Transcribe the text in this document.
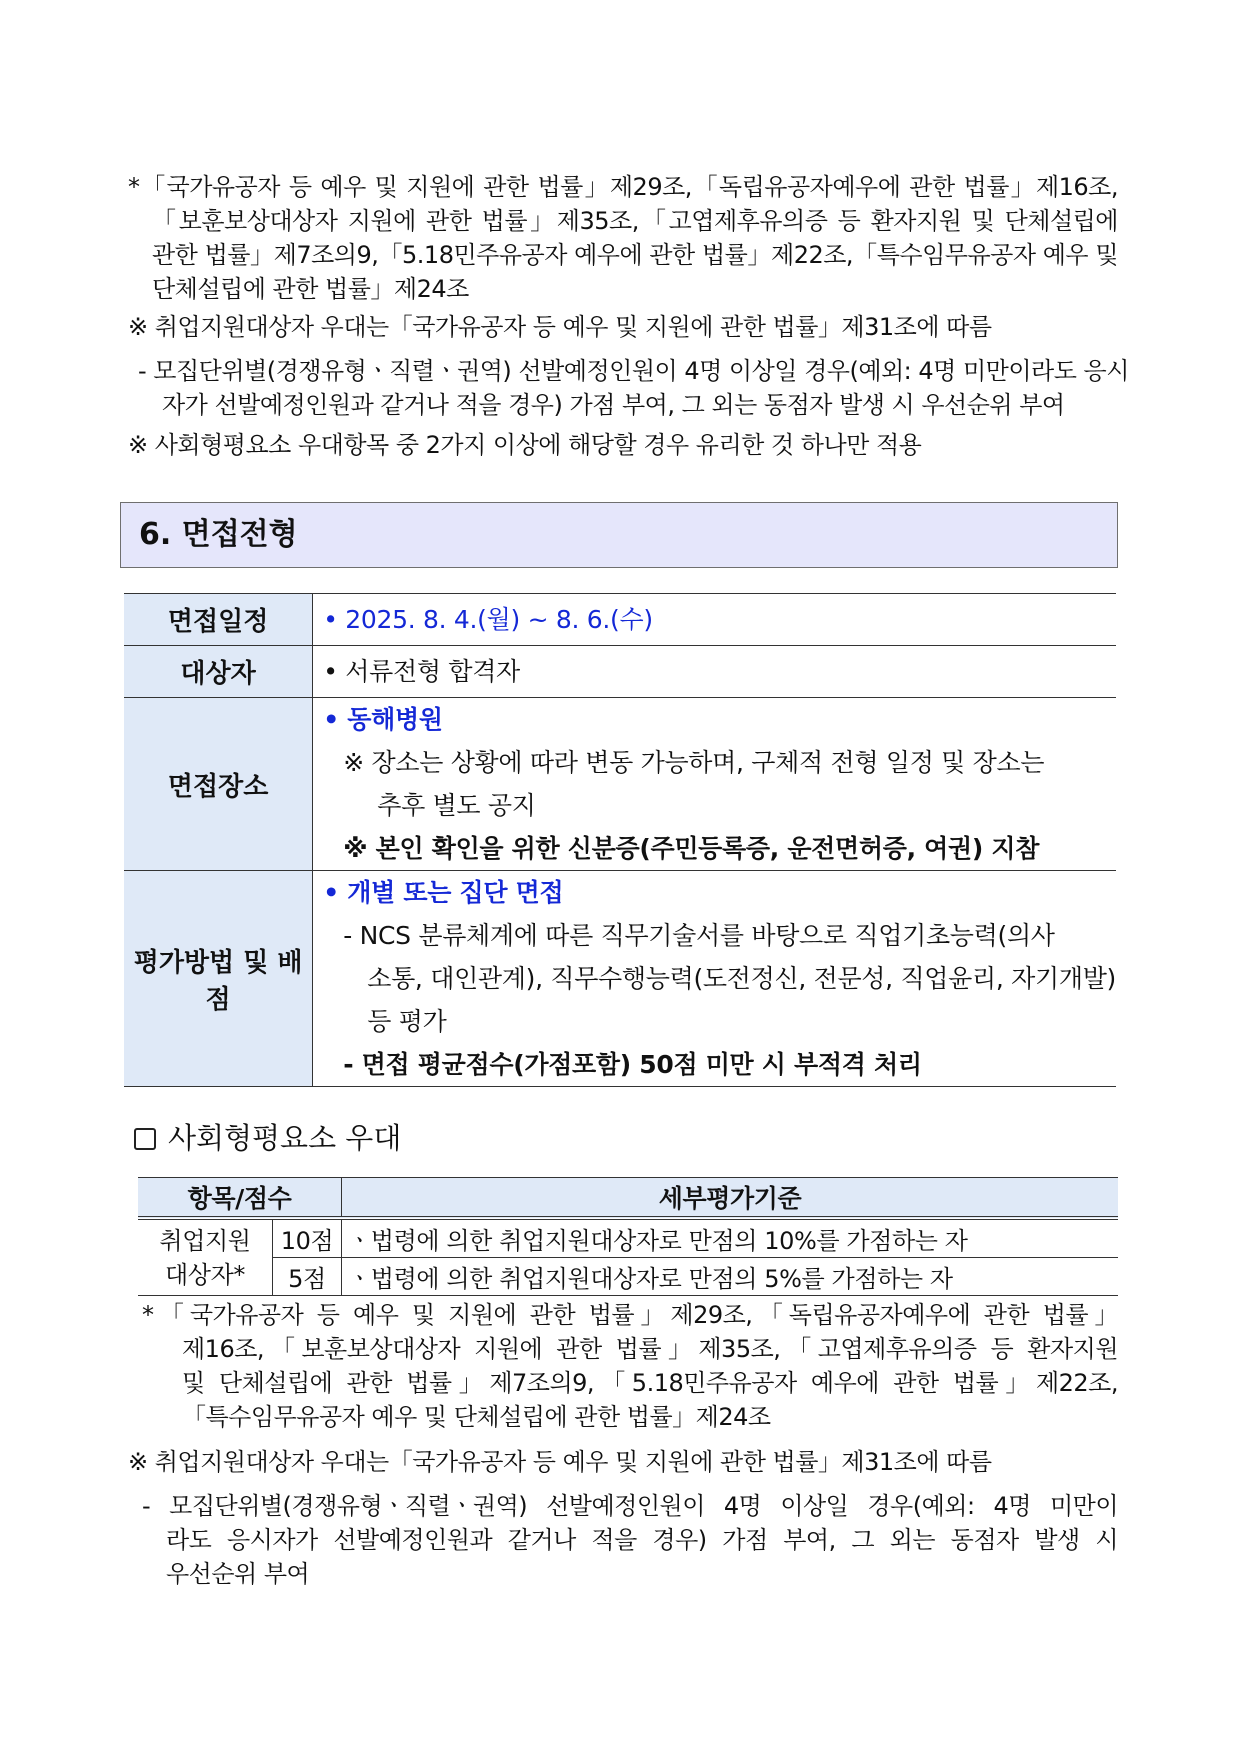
*「국가유공자 등 예우 및 지원에 관한 법률」제29조,「독립유공자예우에 관한 법률」제16조,
「보훈보상대상자 지원에 관한 법률」제35조,「고엽제후유의증 등 환자지원 및 단체설립에
관한 법률」제7조의9,「5.18민주유공자 예우에 관한 법률」제22조,「특수임무유공자 예우 및
단체설립에 관한 법률」제24조
※ 취업지원대상자 우대는「국가유공자 등 예우 및 지원에 관한 법률」제31조에 따름
- 모집단위별(경쟁유형ㆍ직렬ㆍ권역) 선발예정인원이 4명 이상일 경우(예외: 4명 미만이라도 응시
자가 선발예정인원과 같거나 적을 경우) 가점 부여, 그 외는 동점자 발생 시 우선순위 부여
※ 사회형평요소 우대항목 중 2가지 이상에 해당할 경우 유리한 것 하나만 적용
6. 면접전형
면접일정	• 2025. 8. 4.(월) ~ 8. 6.(수)

대상자	• 서류전형 합격자

면접장소	• 동해병원
※ 장소는 상황에 따라 변동 가능하며, 구체적 전형 일정 및 장소는
추후 별도 공지
※ 본인 확인을 위한 신분증(주민등록증, 운전면허증, 여권) 지참

평가방법 및 배점	• 개별 또는 집단 면접
- NCS 분류체계에 따른 직무기술서를 바탕으로 직업기초능력(의사
소통, 대인관계), 직무수행능력(도전정신, 전문성, 직업윤리, 자기개발)
등 평가
- 면접 평균점수(가점포함) 50점 미만 시 부적격 처리
사회형평요소 우대
항목/점수		세부평가기준

취업지원
대상자*	10점	ㆍ법령에 의한 취업지원대상자로 만점의 10%를 가점하는 자
	5점	ㆍ법령에 의한 취업지원대상자로 만점의 5%를 가점하는 자
*「국가유공자 등 예우 및 지원에 관한 법률」제29조,「독립유공자예우에 관한 법률」
제16조,「보훈보상대상자 지원에 관한 법률」제35조,「고엽제후유의증 등 환자지원
및 단체설립에 관한 법률」제7조의9,「5.18민주유공자 예우에 관한 법률」제22조,
「특수임무유공자 예우 및 단체설립에 관한 법률」제24조
※ 취업지원대상자 우대는「국가유공자 등 예우 및 지원에 관한 법률」제31조에 따름
- 모집단위별(경쟁유형ㆍ직렬ㆍ권역) 선발예정인원이 4명 이상일 경우(예외: 4명 미만이
라도 응시자가 선발예정인원과 같거나 적을 경우) 가점 부여, 그 외는 동점자 발생 시
우선순위 부여
